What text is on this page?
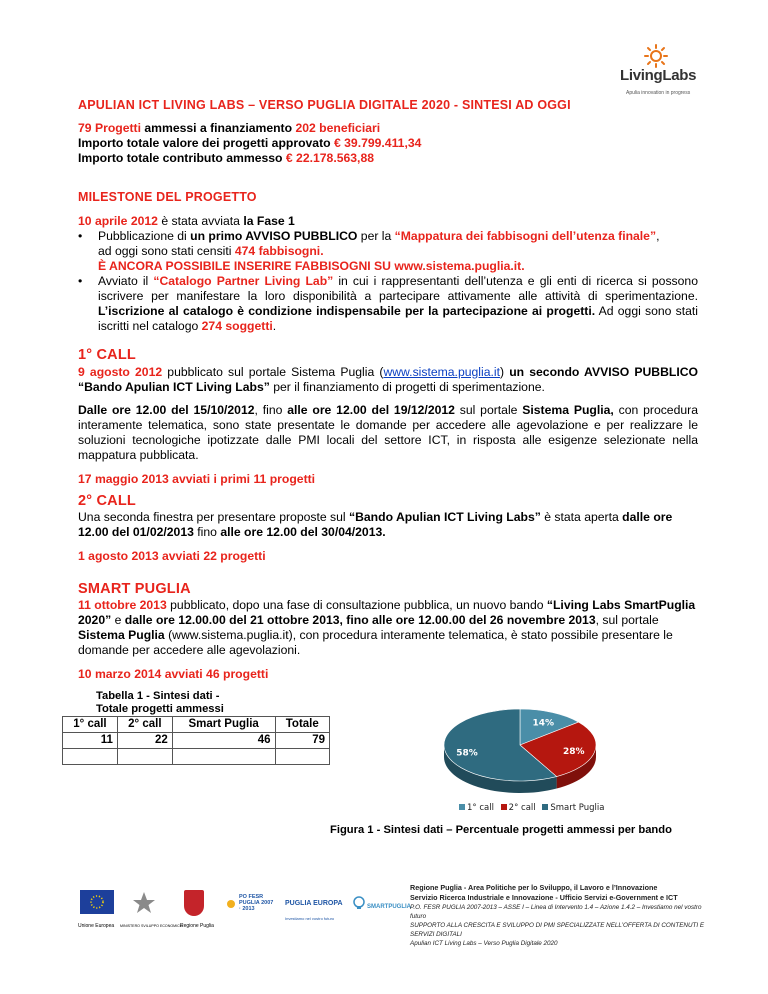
LivingLabs
Apulia innovation in progress
APULIAN ICT LIVING LABS – VERSO PUGLIA DIGITALE 2020 - SINTESI AD OGGI

79 Progetti ammessi a finanziamento 202 beneficiari

Importo totale valore dei progetti approvato € 39.799.411,34

Importo totale contributo ammesso € 22.178.563,88

MILESTONE DEL PROGETTO

10 aprile 2012 è stata avviata la Fase 1

• Pubblicazione di un primo AVVISO PUBBLICO per la “Mappatura dei fabbisogni dell’utenza finale”,
ad oggi sono stati censiti 474 fabbisogni.
È ANCORA POSSIBILE INSERIRE FABBISOGNI SU www.sistema.puglia.it.
• Avviato il “Catalogo Partner Living Lab” in cui i rappresentanti dell’utenza e gli enti di ricerca si possono iscrivere per manifestare la loro disponibilità a partecipare attivamente alle attività di sperimentazione. L’iscrizione al catalogo è condizione indispensabile per la partecipazione ai progetti. Ad oggi sono stati iscritti nel catalogo 274 soggetti.
1° CALL

9 agosto 2012 pubblicato sul portale Sistema Puglia (www.sistema.puglia.it) un secondo AVVISO PUBBLICO “Bando Apulian ICT Living Labs” per il finanziamento di progetti di sperimentazione.

Dalle ore 12.00 del 15/10/2012, fino alle ore 12.00 del 19/12/2012 sul portale Sistema Puglia, con procedura interamente telematica, sono state presentate le domande per accedere alle agevolazione e per realizzare le soluzioni tecnologiche ipotizzate dalle PMI locali del settore ICT, in risposta alle esigenze selezionate nella mappatura pubblicata.

17 maggio 2013 avviati i primi 11 progetti

2° CALL

Una seconda finestra per presentare proposte sul “Bando Apulian ICT Living Labs” è stata aperta dalle ore 12.00 del 01/02/2013 fino alle ore 12.00 del 30/04/2013.

1 agosto 2013 avviati 22 progetti

SMART PUGLIA

11 ottobre 2013 pubblicato, dopo una fase di consultazione pubblica, un nuovo bando “Living Labs SmartPuglia 2020” e dalle ore 12.00.00 del 21 ottobre 2013, fino alle ore 12.00.00 del 26 novembre 2013, sul portale Sistema Puglia (www.sistema.puglia.it), con procedura interamente telematica, è stato possibile presentare le domande per accedere alle agevolazioni.

10 marzo 2014 avviati 46 progetti

Tabella 1 - Sintesi dati - Totale progetti ammessi
1° call	2° call	Smart Puglia	Totale
11	22	46	79

14%
28%
58%
1° call 2° call Smart Puglia
Figura 1 - Sintesi dati – Percentuale progetti ammessi per bando
Unione Europea MINISTERO SVILUPPO ECONOMICO
Regione Puglia
PO FESR PUGLIA 2007 · 2013
PUGLIA EUROPA
Investiamo nel vostro futuro
SMARTPUGLIA
Regione Puglia - Area Politiche per lo Sviluppo, il Lavoro e l’Innovazione
Servizio Ricerca Industriale e Innovazione - Ufficio Servizi e-Government e ICT
P.O. FESR PUGLIA 2007-2013 – ASSE I – Linea di Intervento 1.4 – Azione 1.4.2 – Investiamo nel vostro futuro
SUPPORTO ALLA CRESCITA E SVILUPPO DI PMI SPECIALIZZATE NELL’OFFERTA DI CONTENUTI E SERVIZI DIGITALI
Apulian ICT Living Labs – Verso Puglia Digitale 2020
